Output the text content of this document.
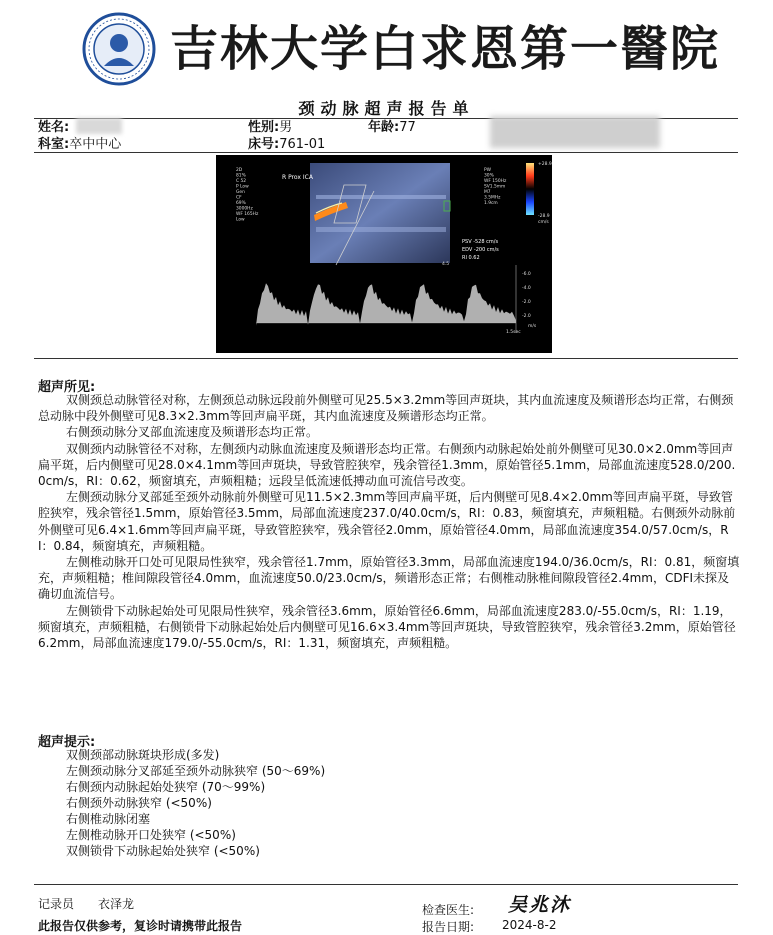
吉林大学白求恩第一醫院
颈动脉超声报告单
姓名:	性别:男	年龄:77
科室:卒中中心	床号:761-01
R Prox ICA
2D
81%
C 52
P Low
Gen
CF
69%
3000Hz
WF 165Hz
Low
PW
30%
WF 150Hz
SV1.5mm
M7
3.5MHz
1.9cm
+28.9
-28.9
cm/s
PSV -528 cm/s
EDV -200 cm/s
RI 0.62
4.5
-6.0
-4.0
-2.0
-2.0
m/s
1.5sec
超声所见:
双侧颈总动脉管径对称，左侧颈总动脉远段前外侧壁可见25.5×3.2mm等回声斑块，其内血流速度及频谱形态均正常，右侧颈总动脉中段外侧壁可见8.3×2.3mm等回声扁平斑，其内血流速度及频谱形态均正常。
右侧颈动脉分叉部血流速度及频谱形态均正常。
双侧颈内动脉管径不对称，左侧颈内动脉血流速度及频谱形态均正常。右侧颈内动脉起始处前外侧壁可见30.0×2.0mm等回声扁平斑，后内侧壁可见28.0×4.1mm等回声斑块，导致管腔狭窄，残余管径1.3mm，原始管径5.1mm，局部血流速度528.0/200.0cm/s，RI：0.62，频窗填充，声频粗糙；远段呈低流速低搏动血可流信号改变。
左侧颈动脉分叉部延至颈外动脉前外侧壁可见11.5×2.3mm等回声扁平斑，后内侧壁可见8.4×2.0mm等回声扁平斑，导致管腔狭窄，残余管径1.5mm，原始管径3.5mm，局部血流速度237.0/40.0cm/s，RI：0.83，频窗填充，声频粗糙。右侧颈外动脉前外侧壁可见6.4×1.6mm等回声扁平斑，导致管腔狭窄，残余管径2.0mm，原始管径4.0mm，局部血流速度354.0/57.0cm/s，RI：0.84，频窗填充，声频粗糙。
左侧椎动脉开口处可见限局性狭窄，残余管径1.7mm，原始管径3.3mm，局部血流速度194.0/36.0cm/s，RI：0.81，频窗填充，声频粗糙；椎间隙段管径4.0mm，血流速度50.0/23.0cm/s，频谱形态正常；右侧椎动脉椎间隙段管径2.4mm，CDFI未探及确切血流信号。
左侧锁骨下动脉起始处可见限局性狭窄，残余管径3.6mm，原始管径6.6mm，局部血流速度283.0/-55.0cm/s，RI：1.19，频窗填充，声频粗糙，右侧锁骨下动脉起始处后内侧壁可见16.6×3.4mm等回声斑块，导致管腔狭窄，残余管径3.2mm，原始管径6.2mm，局部血流速度179.0/-55.0cm/s，RI：1.31，频窗填充，声频粗糙。
超声提示:
双侧颈部动脉斑块形成(多发)
左侧颈动脉分叉部延至颈外动脉狭窄 (50～69%)
右侧颈内动脉起始处狭窄 (70～99%)
右侧颈外动脉狭窄 (<50%)
右侧椎动脉闭塞
左侧椎动脉开口处狭窄 (<50%)
双侧锁骨下动脉起始处狭窄 (<50%)
记录员 衣泽龙	检查医生: 吴兆沐
此报告仅供参考，复诊时请携带此报告	报告日期: 2024-8-2
